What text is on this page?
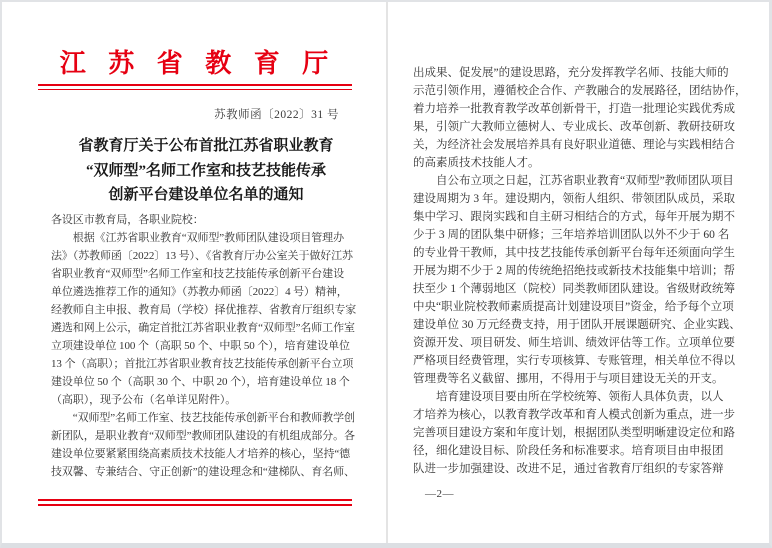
江 苏 省 教 育 厅
苏教师函〔2022〕31 号
省教育厅关于公布首批江苏省职业教育
“双师型”名师工作室和技艺技能传承
创新平台建设单位名单的通知
各设区市教育局，各职业院校：
　　根据《江苏省职业教育“双师型”教师团队建设项目管理办
法》（苏教师函〔2022〕13 号）、《省教育厅办公室关于做好江苏
省职业教育“双师型”名师工作室和技艺技能传承创新平台建设
单位遴选推荐工作的通知》（苏教办师函〔2022〕4 号）精神，
经教师自主申报、教育局（学校）择优推荐、省教育厅组织专家
遴选和网上公示，确定首批江苏省职业教育“双师型”名师工作室
立项建设单位 100 个（高职 50 个、中职 50 个），培育建设单位
13 个（高职）；首批江苏省职业教育技艺技能传承创新平台立项
建设单位 50 个（高职 30 个、中职 20 个），培育建设单位 18 个
（高职），现予公布（名单详见附件）。
　　“双师型”名师工作室、技艺技能传承创新平台和教师教学创
新团队，是职业教育“双师型”教师团队建设的有机组成部分。各
建设单位要紧紧围绕高素质技术技能人才培养的核心，坚持“德
技双馨、专兼结合、守正创新”的建设理念和“建梯队、育名师、
出成果、促发展”的建设思路，充分发挥教学名师、技能大师的
示范引领作用，遵循校企合作、产教融合的发展路径，团结协作，
着力培养一批教育教学改革创新骨干，打造一批理论实践优秀成
果，引领广大教师立德树人、专业成长、改革创新、教研技研攻
关，为经济社会发展培养具有良好职业道德、理论与实践相结合
的高素质技术技能人才。
　　自公布立项之日起，江苏省职业教育“双师型”教师团队项目
建设周期为 3 年。建设期内，领衔人组织、带领团队成员，采取
集中学习、跟岗实践和自主研习相结合的方式，每年开展为期不
少于 3 周的团队集中研修；三年培养培训团队以外不少于 60 名
的专业骨干教师，其中技艺技能传承创新平台每年还须面向学生
开展为期不少于 2 周的传统绝招绝技或新技术技能集中培训；帮
扶至少 1 个薄弱地区（院校）同类教师团队建设。省级财政统筹
中央“职业院校教师素质提高计划建设项目”资金，给予每个立项
建设单位 30 万元经费支持，用于团队开展课题研究、企业实践、
资源开发、项目研发、师生培训、绩效评估等工作。立项单位要
严格项目经费管理，实行专项核算、专账管理，相关单位不得以
管理费等名义截留、挪用，不得用于与项目建设无关的开支。
　　培育建设项目要由所在学校统筹、领衔人具体负责，以人
才培养为核心，以教育教学改革和育人模式创新为重点，进一步
完善项目建设方案和年度计划，根据团队类型明晰建设定位和路
径，细化建设目标、阶段任务和标准要求。培育项目由申报团
队进一步加强建设、改进不足，通过省教育厅组织的专家答辩
—2—
